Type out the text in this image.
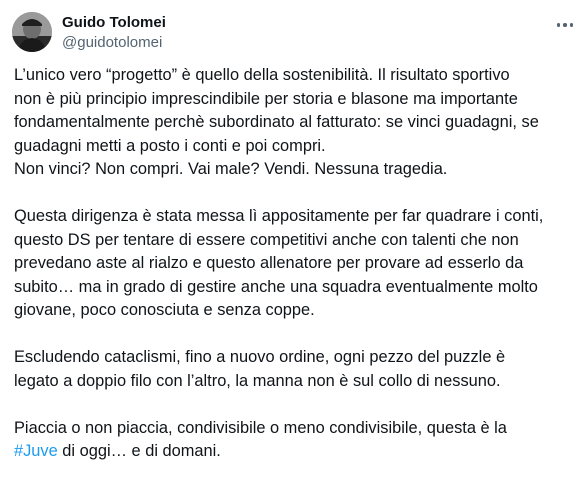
Guido Tolomei
@guidotolomei

L’unico vero “progetto” è quello della sostenibilità. Il risultato sportivo
non è più principio imprescindibile per storia e blasone ma importante
fondamentalmente perchè subordinato al fatturato: se vinci guadagni, se
guadagni metti a posto i conti e poi compri.
Non vinci? Non compri. Vai male? Vendi. Nessuna tragedia.

Questa dirigenza è stata messa lì appositamente per far quadrare i conti,
questo DS per tentare di essere competitivi anche con talenti che non
prevedano aste al rialzo e questo allenatore per provare ad esserlo da
subito… ma in grado di gestire anche una squadra eventualmente molto
giovane, poco conosciuta e senza coppe.

Escludendo cataclismi, fino a nuovo ordine, ogni pezzo del puzzle è
legato a doppio filo con l’altro, la manna non è sul collo di nessuno.

Piaccia o non piaccia, condivisibile o meno condivisibile, questa è la
#Juve di oggi… e di domani.
